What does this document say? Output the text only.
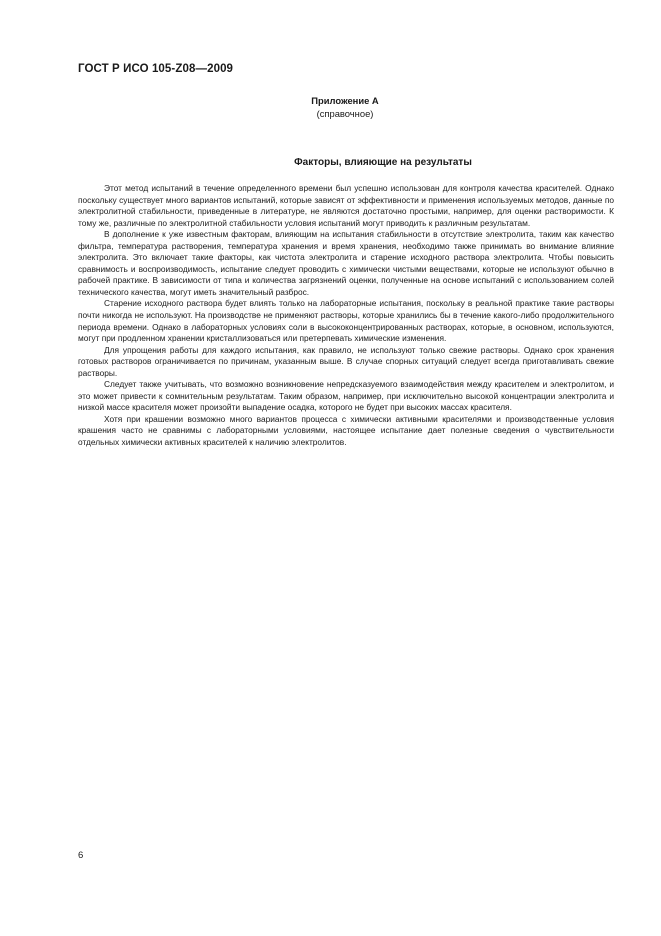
ГОСТ Р ИСО 105-Z08—2009
Приложение А
(справочное)
Факторы, влияющие на результаты

Этот метод испытаний в течение определенного времени был успешно использован для контроля качества красителей. Однако поскольку существует много вариантов испытаний, которые зависят от эффективности и применения используемых методов, данные по электролитной стабильности, приведенные в литературе, не являются достаточно простыми, например, для оценки растворимости. К тому же, различные по электролитной стабильности условия испытаний могут приводить к различным результатам.

В дополнение к уже известным факторам, влияющим на испытания стабильности в отсутствие электролита, таким как качество фильтра, температура растворения, температура хранения и время хранения, необходимо также принимать во внимание влияние электролита. Это включает такие факторы, как чистота электролита и старение исходного раствора электролита. Чтобы повысить сравнимость и воспроизводимость, испытание следует проводить с химически чистыми веществами, которые не используют обычно в рабочей практике. В зависимости от типа и количества загрязнений оценки, полученные на основе испытаний с использованием солей технического качества, могут иметь значительный разброс.

Старение исходного раствора будет влиять только на лабораторные испытания, поскольку в реальной практике такие растворы почти никогда не используют. На производстве не применяют растворы, которые хранились бы в течение какого-либо продолжительного периода времени. Однако в лабораторных условиях соли в высококонцентрированных растворах, которые, в основном, используются, могут при продленном хранении кристаллизоваться или претерпевать химические изменения.

Для упрощения работы для каждого испытания, как правило, не используют только свежие растворы. Однако срок хранения готовых растворов ограничивается по причинам, указанным выше. В случае спорных ситуаций следует всегда приготавливать свежие растворы.

Следует также учитывать, что возможно возникновение непредсказуемого взаимодействия между красителем и электролитом, и это может привести к сомнительным результатам. Таким образом, например, при исключительно высокой концентрации электролита и низкой массе красителя может произойти выпадение осадка, которого не будет при высоких массах красителя.

Хотя при крашении возможно много вариантов процесса с химически активными красителями и производственные условия крашения часто не сравнимы с лабораторными условиями, настоящее испытание дает полезные сведения о чувствительности отдельных химически активных красителей к наличию электролитов.

6
